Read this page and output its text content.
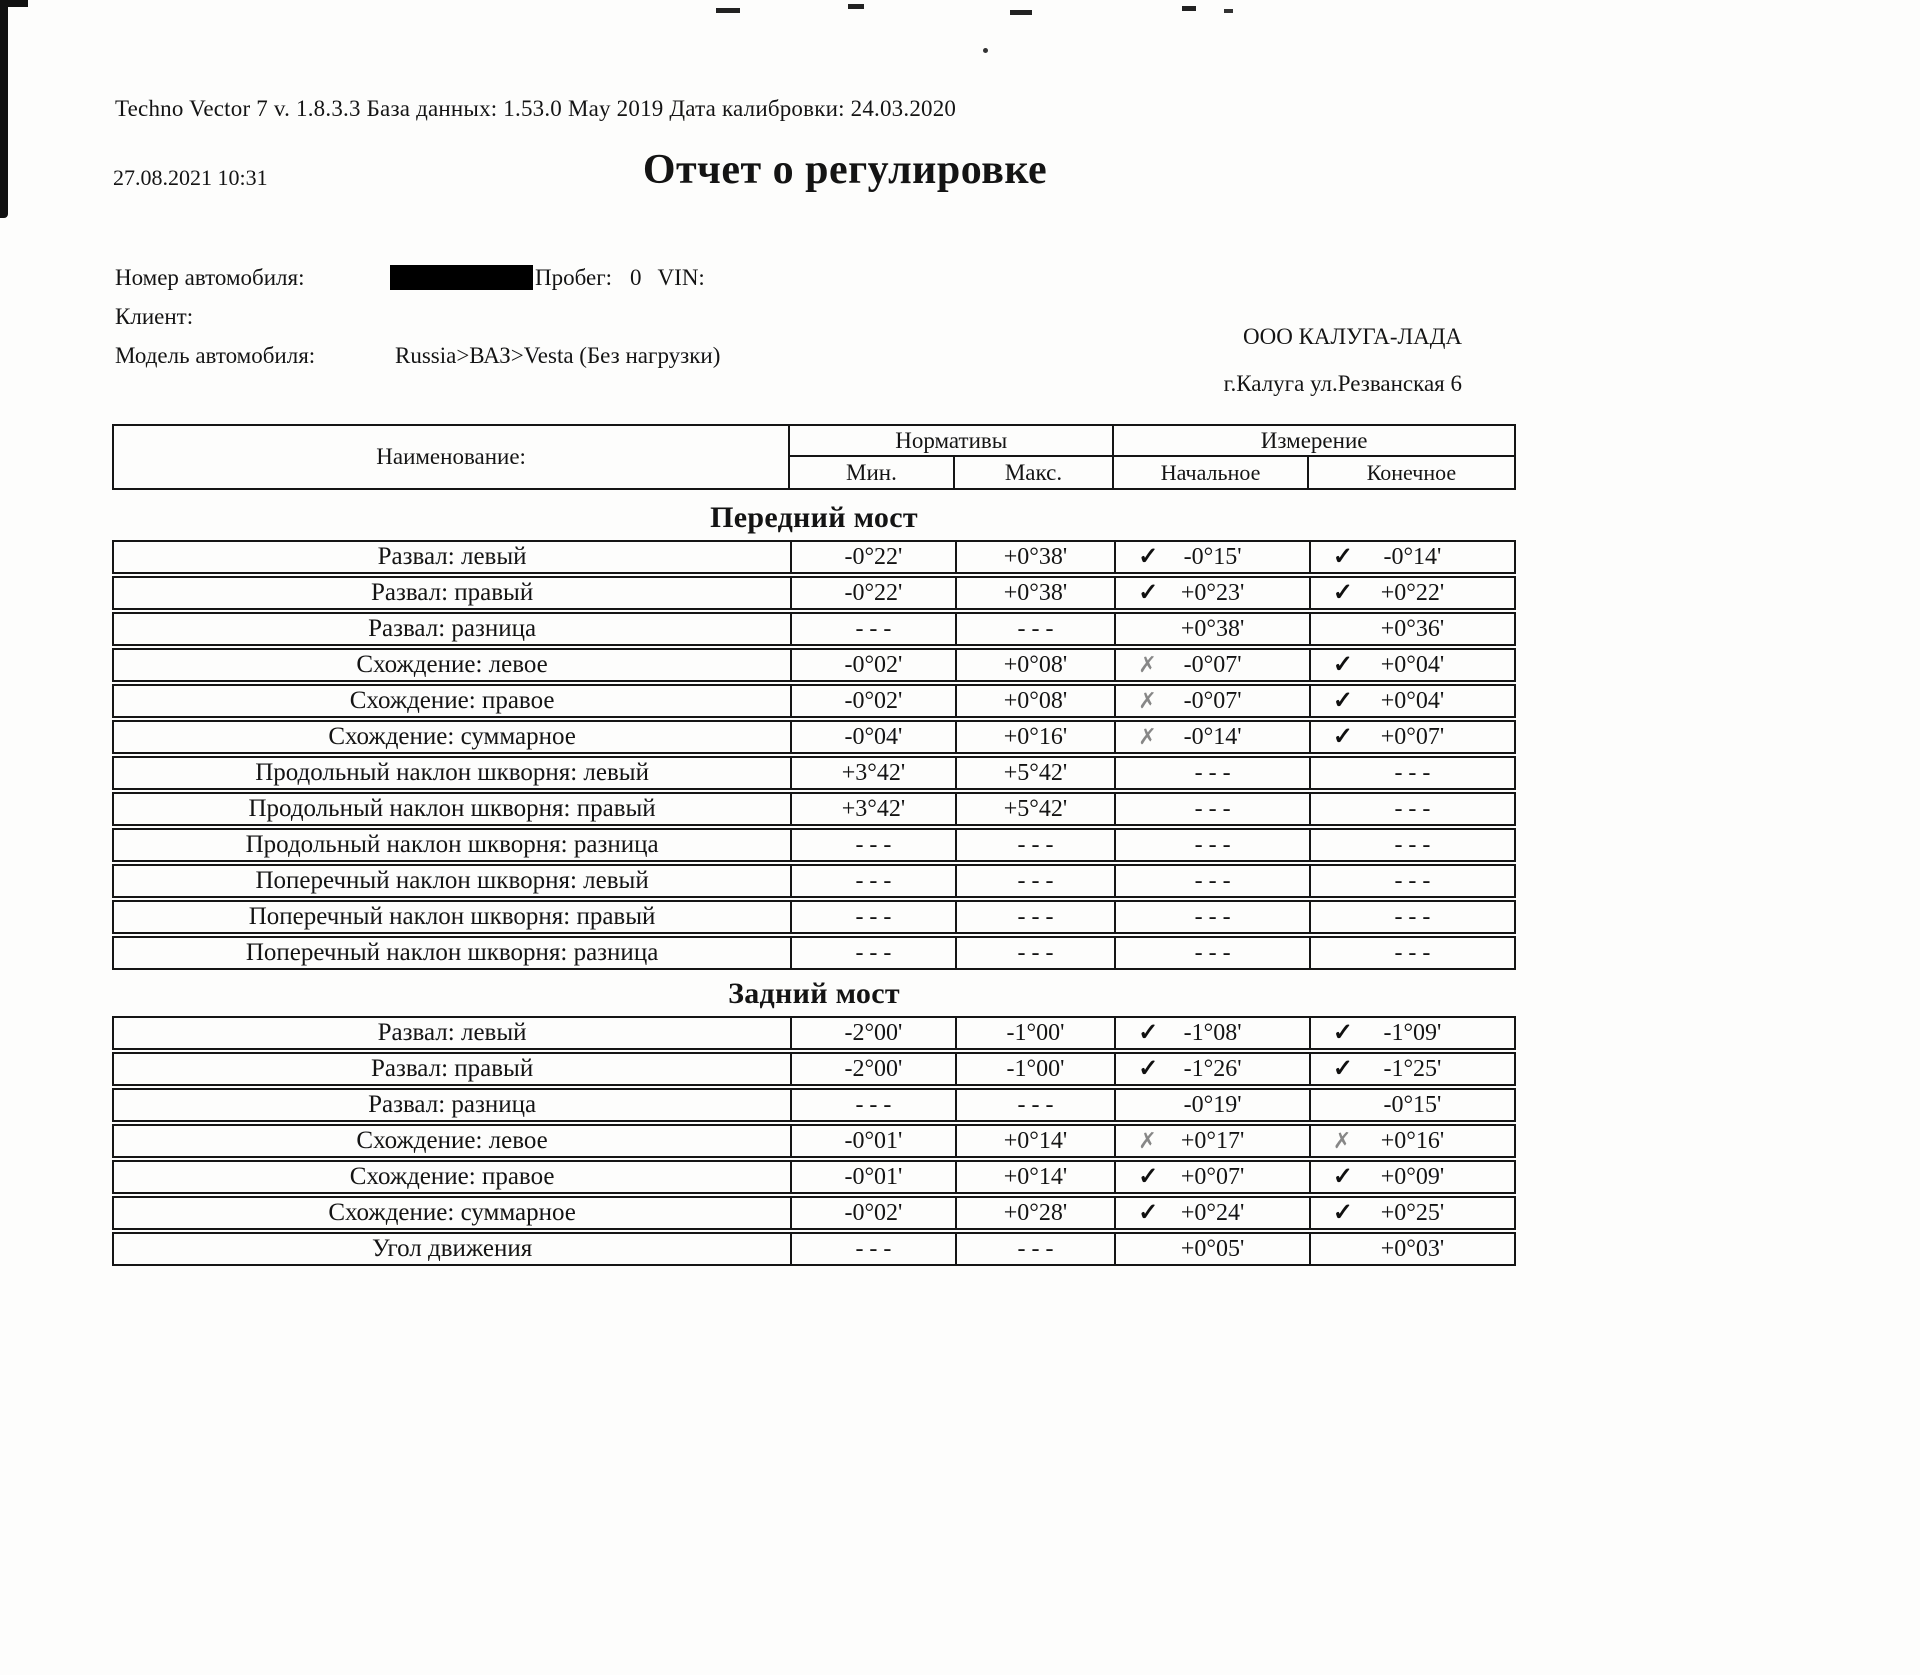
Techno Vector 7 v. 1.8.3.3 База данных: 1.53.0 May 2019 Дата калибровки: 24.03.2020
27.08.2021 10:31	Отчет о регулировке
Номер автомобиля:	Пробег: 0 VIN:
Клиент:
Модель автомобиля:	Russia>ВАЗ>Vesta (Без нагрузки)
ООО КАЛУГА-ЛАДА
г.Калуга ул.Резванская 6
Наименование:
Нормативы	Измерение
Мин.	Макс.	Начальное	Конечное
Передний мост
Развал: левый	-0°22'	+0°38'	✓ -0°15'	✓ -0°14'
Развал: правый	-0°22'	+0°38'	✓ +0°23'	✓ +0°22'
Развал: разница	- - -	- - -	+0°38'	+0°36'
Схождение: левое	-0°02'	+0°08'	✗ -0°07'	✓ +0°04'
Схождение: правое	-0°02'	+0°08'	✗ -0°07'	✓ +0°04'
Схождение: суммарное	-0°04'	+0°16'	✗ -0°14'	✓ +0°07'
Продольный наклон шкворня: левый	+3°42'	+5°42'	- - -	- - -
Продольный наклон шкворня: правый	+3°42'	+5°42'	- - -	- - -
Продольный наклон шкворня: разница	- - -	- - -	- - -	- - -
Поперечный наклон шкворня: левый	- - -	- - -	- - -	- - -
Поперечный наклон шкворня: правый	- - -	- - -	- - -	- - -
Поперечный наклон шкворня: разница	- - -	- - -	- - -	- - -
Задний мост
Развал: левый	-2°00'	-1°00'	✓ -1°08'	✓ -1°09'
Развал: правый	-2°00'	-1°00'	✓ -1°26'	✓ -1°25'
Развал: разница	- - -	- - -	-0°19'	-0°15'
Схождение: левое	-0°01'	+0°14'	✗ +0°17'	✗ +0°16'
Схождение: правое	-0°01'	+0°14'	✓ +0°07'	✓ +0°09'
Схождение: суммарное	-0°02'	+0°28'	✓ +0°24'	✓ +0°25'
Угол движения	- - -	- - -	+0°05'	+0°03'
